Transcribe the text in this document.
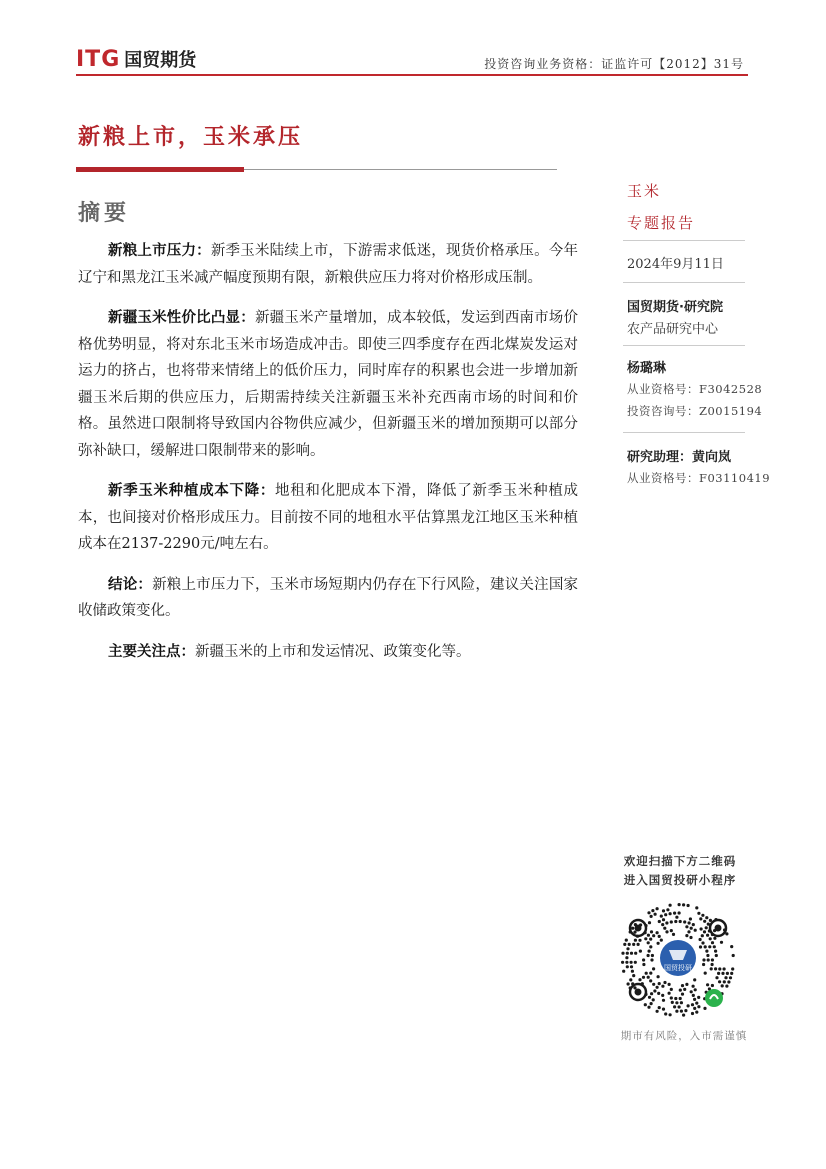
ITG 国贸期货	投资咨询业务资格：证监许可【2012】31号
新粮上市，玉米承压
摘要

新粮上市压力：新季玉米陆续上市，下游需求低迷，现货价格承压。今年辽宁和黑龙江玉米减产幅度预期有限，新粮供应压力将对价格形成压制。

新疆玉米性价比凸显：新疆玉米产量增加，成本较低，发运到西南市场价格优势明显，将对东北玉米市场造成冲击。即使三四季度存在西北煤炭发运对运力的挤占，也将带来情绪上的低价压力，同时库存的积累也会进一步增加新疆玉米后期的供应压力，后期需持续关注新疆玉米补充西南市场的时间和价格。虽然进口限制将导致国内谷物供应减少，但新疆玉米的增加预期可以部分弥补缺口，缓解进口限制带来的影响。

新季玉米种植成本下降：地租和化肥成本下滑，降低了新季玉米种植成本，也间接对价格形成压力。目前按不同的地租水平估算黑龙江地区玉米种植成本在2137-2290元/吨左右。

结论：新粮上市压力下，玉米市场短期内仍存在下行风险，建议关注国家收储政策变化。

主要关注点：新疆玉米的上市和发运情况、政策变化等。

玉米
专题报告
2024年9月11日
国贸期货·研究院
农产品研究中心
杨璐琳
从业资格号：F3042528
投资咨询号：Z0015194
研究助理：黄向岚
从业资格号：F03110419
欢迎扫描下方二维码
进入国贸投研小程序
国贸投研
期市有风险，入市需谨慎
